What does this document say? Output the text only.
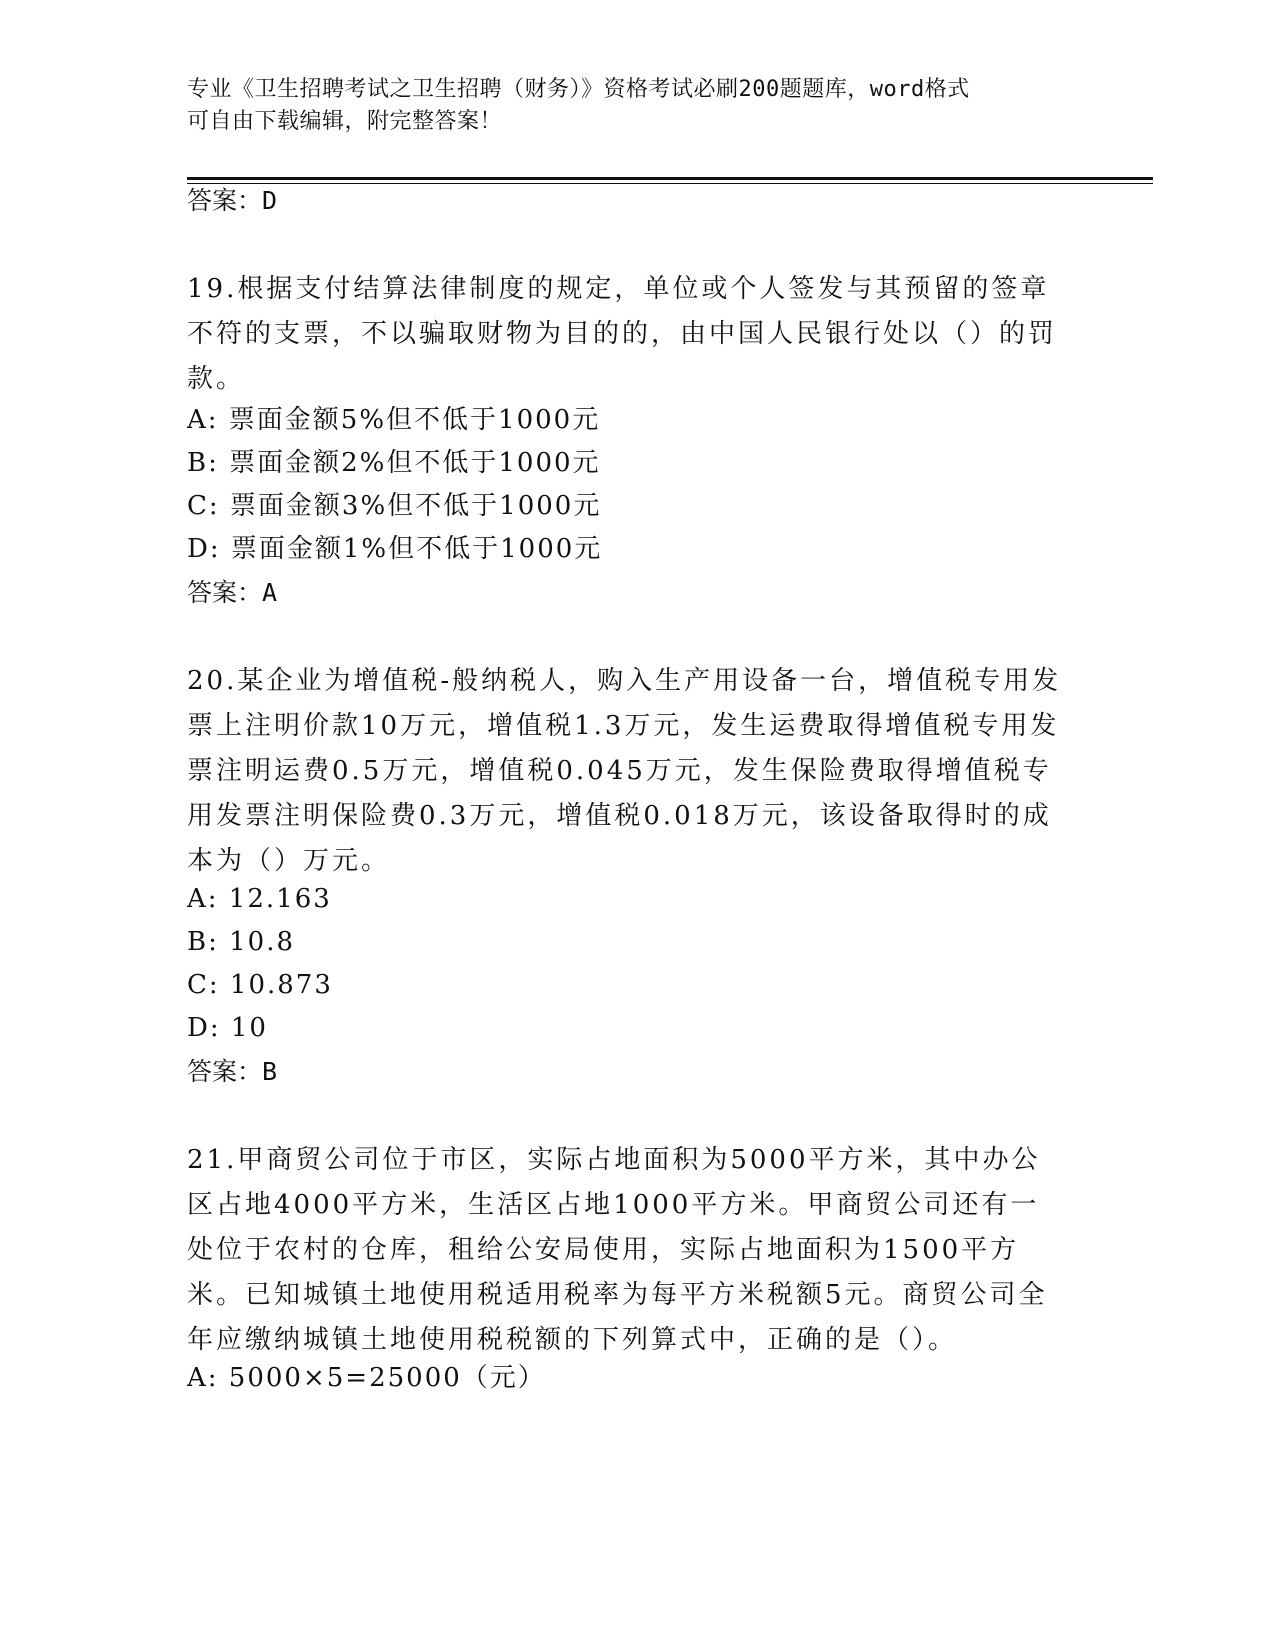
专业《卫生招聘考试之卫生招聘（财务）》资格考试必刷200题题库，word格式
可自由下载编辑，附完整答案！
答案：D
19.根据支付结算法律制度的规定，单位或个人签发与其预留的签章不符的支票，不以骗取财物为目的的，由中国人民银行处以（）的罚款。
A: 票面金额5%但不低于1000元
B: 票面金额2%但不低于1000元
C: 票面金额3%但不低于1000元
D: 票面金额1%但不低于1000元
答案：A
20.某企业为增值税-般纳税人，购入生产用设备一台，增值税专用发票上注明价款10万元，增值税1.3万元，发生运费取得增值税专用发票注明运费0.5万元，增值税0.045万元，发生保险费取得增值税专用发票注明保险费0.3万元，增值税0.018万元，该设备取得时的成本为（）万元。
A: 12.163
B: 10.8
C: 10.873
D: 10
答案：B
21.甲商贸公司位于市区，实际占地面积为5000平方米，其中办公区占地4000平方米，生活区占地1000平方米。甲商贸公司还有一处位于农村的仓库，租给公安局使用，实际占地面积为1500平方米。已知城镇土地使用税适用税率为每平方米税额5元。商贸公司全年应缴纳城镇土地使用税税额的下列算式中，正确的是（）。
A: 5000×5=25000（元）
